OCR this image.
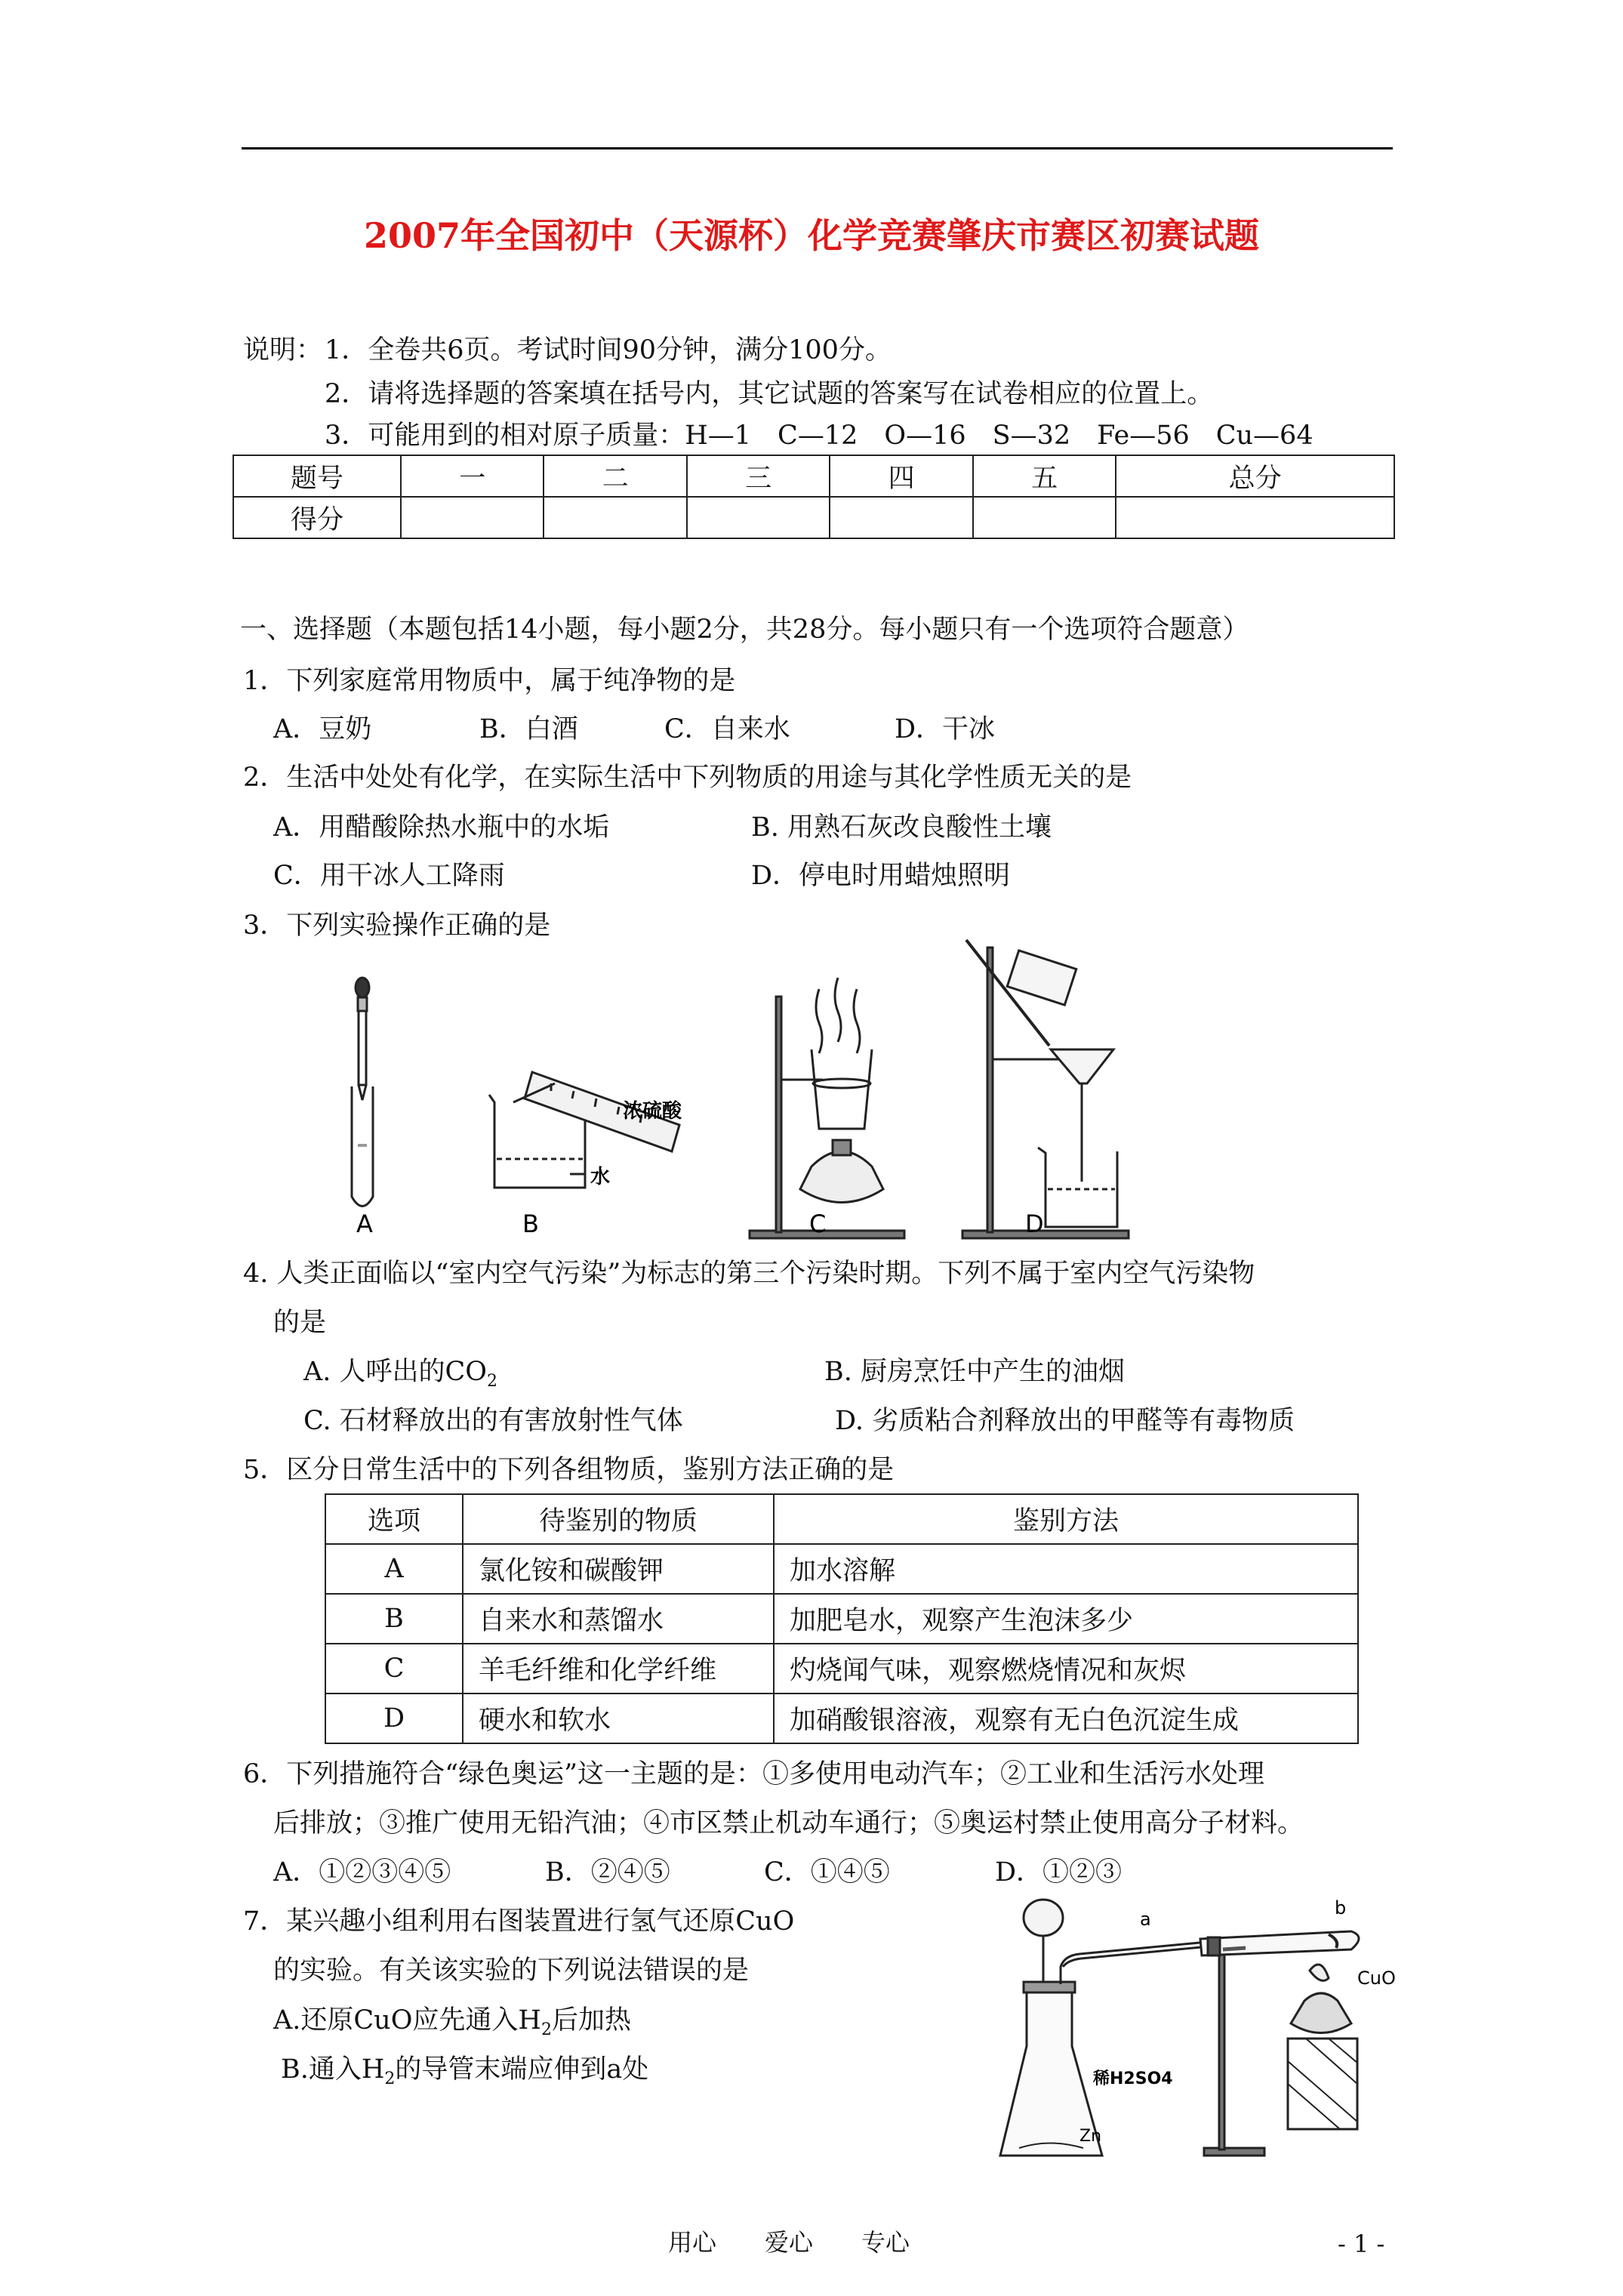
2007年全国初中（天源杯）化学竞赛肇庆市赛区初赛试题
说明： 1．全卷共6页。考试时间90分钟，满分100分。
2．请将选择题的答案填在括号内，其它试题的答案写在试卷相应的位置上。
3．可能用到的相对原子质量：H—1　C—12　O—16　S—32　Fe—56　Cu—64
题号	一	二	三	四	五	总分
得分						
一、选择题（本题包括14小题，每小题2分，共28分。每小题只有一个选项符合题意）
1．下列家庭常用物质中，属于纯净物的是
A．豆奶	B．白酒	C．自来水	D．干冰
2．生活中处处有化学，在实际生活中下列物质的用途与其化学性质无关的是
A．用醋酸除热水瓶中的水垢	B. 用熟石灰改良酸性土壤
C．用干冰人工降雨	D．停电时用蜡烛照明
3．下列实验操作正确的是
浓硫酸
水
A	B	C	D
4. 人类正面临以“室内空气污染”为标志的第三个污染时期。下列不属于室内空气污染物
的是
A. 人呼出的$CO_2$	B. 厨房烹饪中产生的油烟
C. 石材释放出的有害放射性气体	D. 劣质粘合剂释放出的甲醛等有毒物质
5．区分日常生活中的下列各组物质，鉴别方法正确的是
选项	待鉴别的物质	鉴别方法
A	氯化铵和碳酸钾	加水溶解
B	自来水和蒸馏水	加肥皂水，观察产生泡沫多少
C	羊毛纤维和化学纤维	灼烧闻气味，观察燃烧情况和灰烬
D	硬水和软水	加硝酸银溶液，观察有无白色沉淀生成
6．下列措施符合“绿色奥运”这一主题的是：①多使用电动汽车；②工业和生活污水处理
后排放；③推广使用无铅汽油；④市区禁止机动车通行；⑤奥运村禁止使用高分子材料。
A．①②③④⑤	B．②④⑤	C．①④⑤	D．①②③
7．某兴趣小组利用右图装置进行氢气还原CuO
的实验。有关该实验的下列说法错误的是
A.还原CuO应先通入$H_2$后加热
B.通入$H_2$的导管末端应伸到a处
a
b
CuO
稀H2SO4
Zn
用心　　爱心　　专心	- 1 -
